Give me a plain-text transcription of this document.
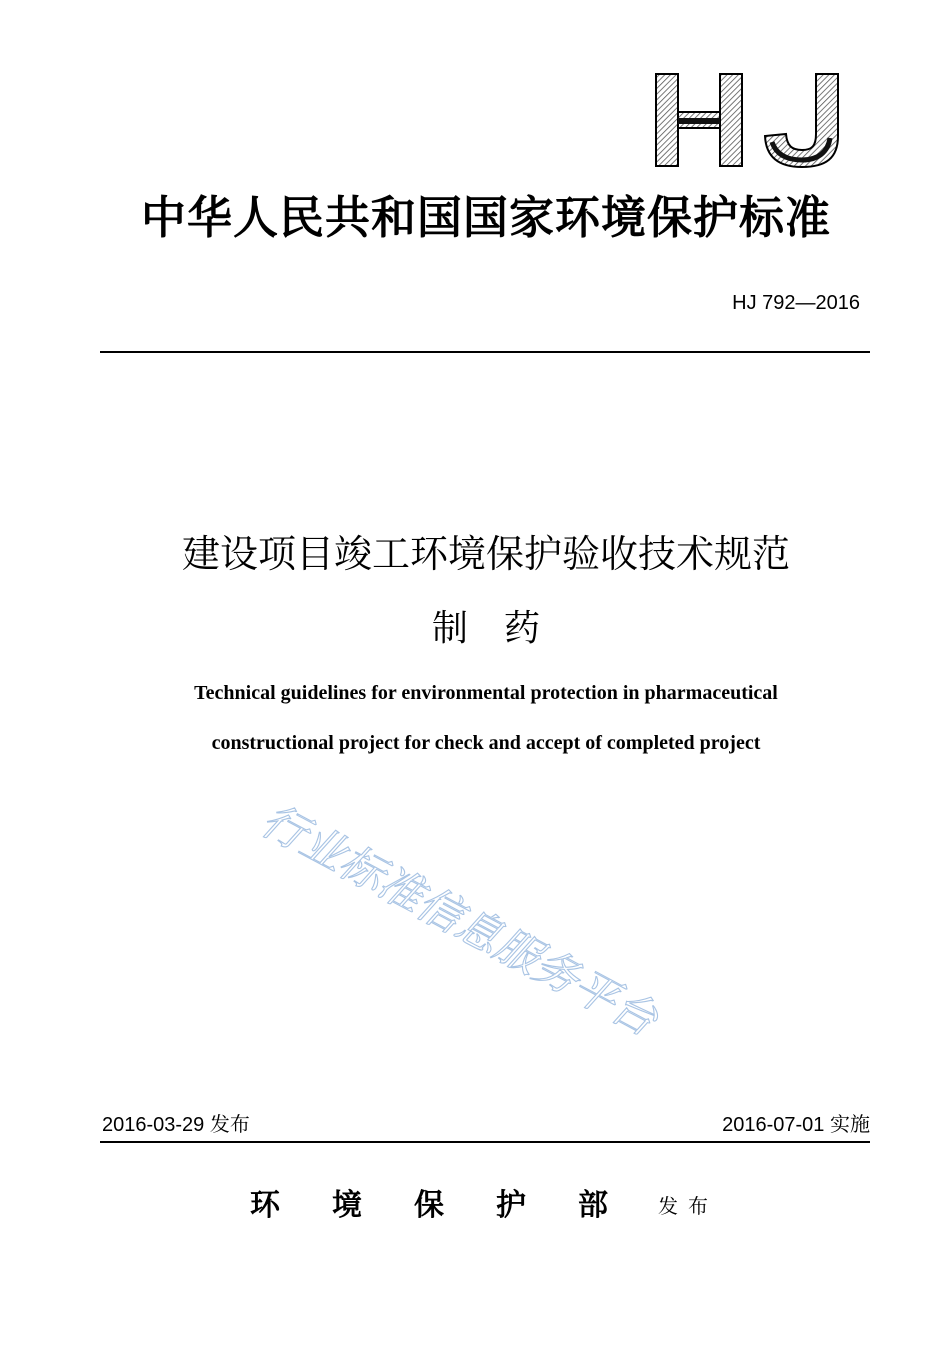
中华人民共和国国家环境保护标准
HJ 792—2016
建设项目竣工环境保护验收技术规范
制　药
Technical guidelines for environmental protection in pharmaceutical
constructional project for check and accept of completed project
行业标准信息服务平台
2016-03-29 发布	2016-07-01 实施
环境保护部
发布
